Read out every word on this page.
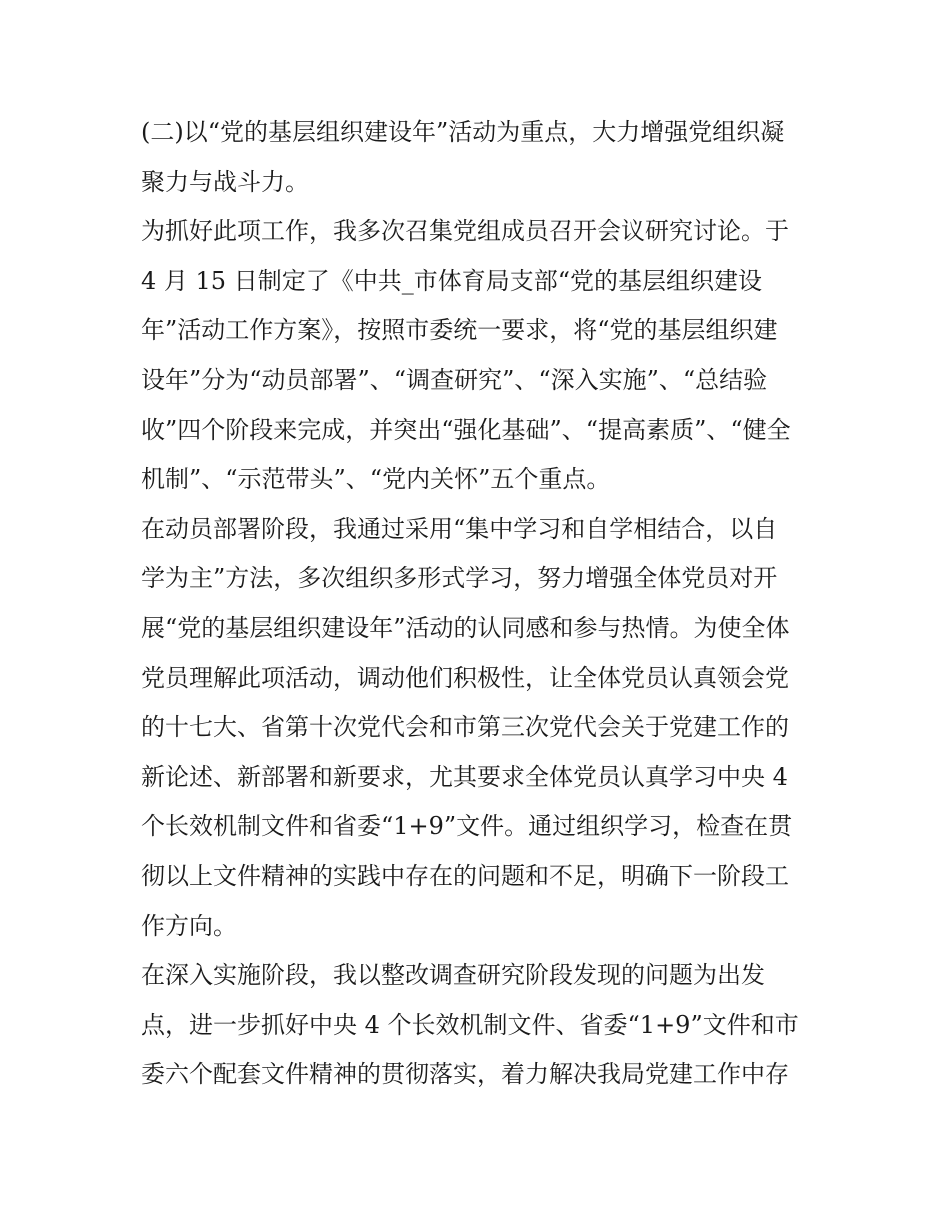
(二)以“党的基层组织建设年”活动为重点，大力增强党组织凝
聚力与战斗力。
为抓好此项工作，我多次召集党组成员召开会议研究讨论。于
4 月 15 日制定了《中共_市体育局支部“党的基层组织建设
年”活动工作方案》，按照市委统一要求，将“党的基层组织建
设年”分为“动员部署”、“调查研究”、“深入实施”、“总结验
收”四个阶段来完成，并突出“强化基础”、“提高素质”、“健全
机制”、“示范带头”、“党内关怀”五个重点。
在动员部署阶段，我通过采用“集中学习和自学相结合，以自
学为主”方法，多次组织多形式学习，努力增强全体党员对开
展“党的基层组织建设年”活动的认同感和参与热情。为使全体
党员理解此项活动，调动他们积极性，让全体党员认真领会党
的十七大、省第十次党代会和市第三次党代会关于党建工作的
新论述、新部署和新要求，尤其要求全体党员认真学习中央 4
个长效机制文件和省委“1+9”文件。通过组织学习，检查在贯
彻以上文件精神的实践中存在的问题和不足，明确下一阶段工
作方向。
在深入实施阶段，我以整改调查研究阶段发现的问题为出发
点，进一步抓好中央 4 个长效机制文件、省委“1+9”文件和市
委六个配套文件精神的贯彻落实，着力解决我局党建工作中存
